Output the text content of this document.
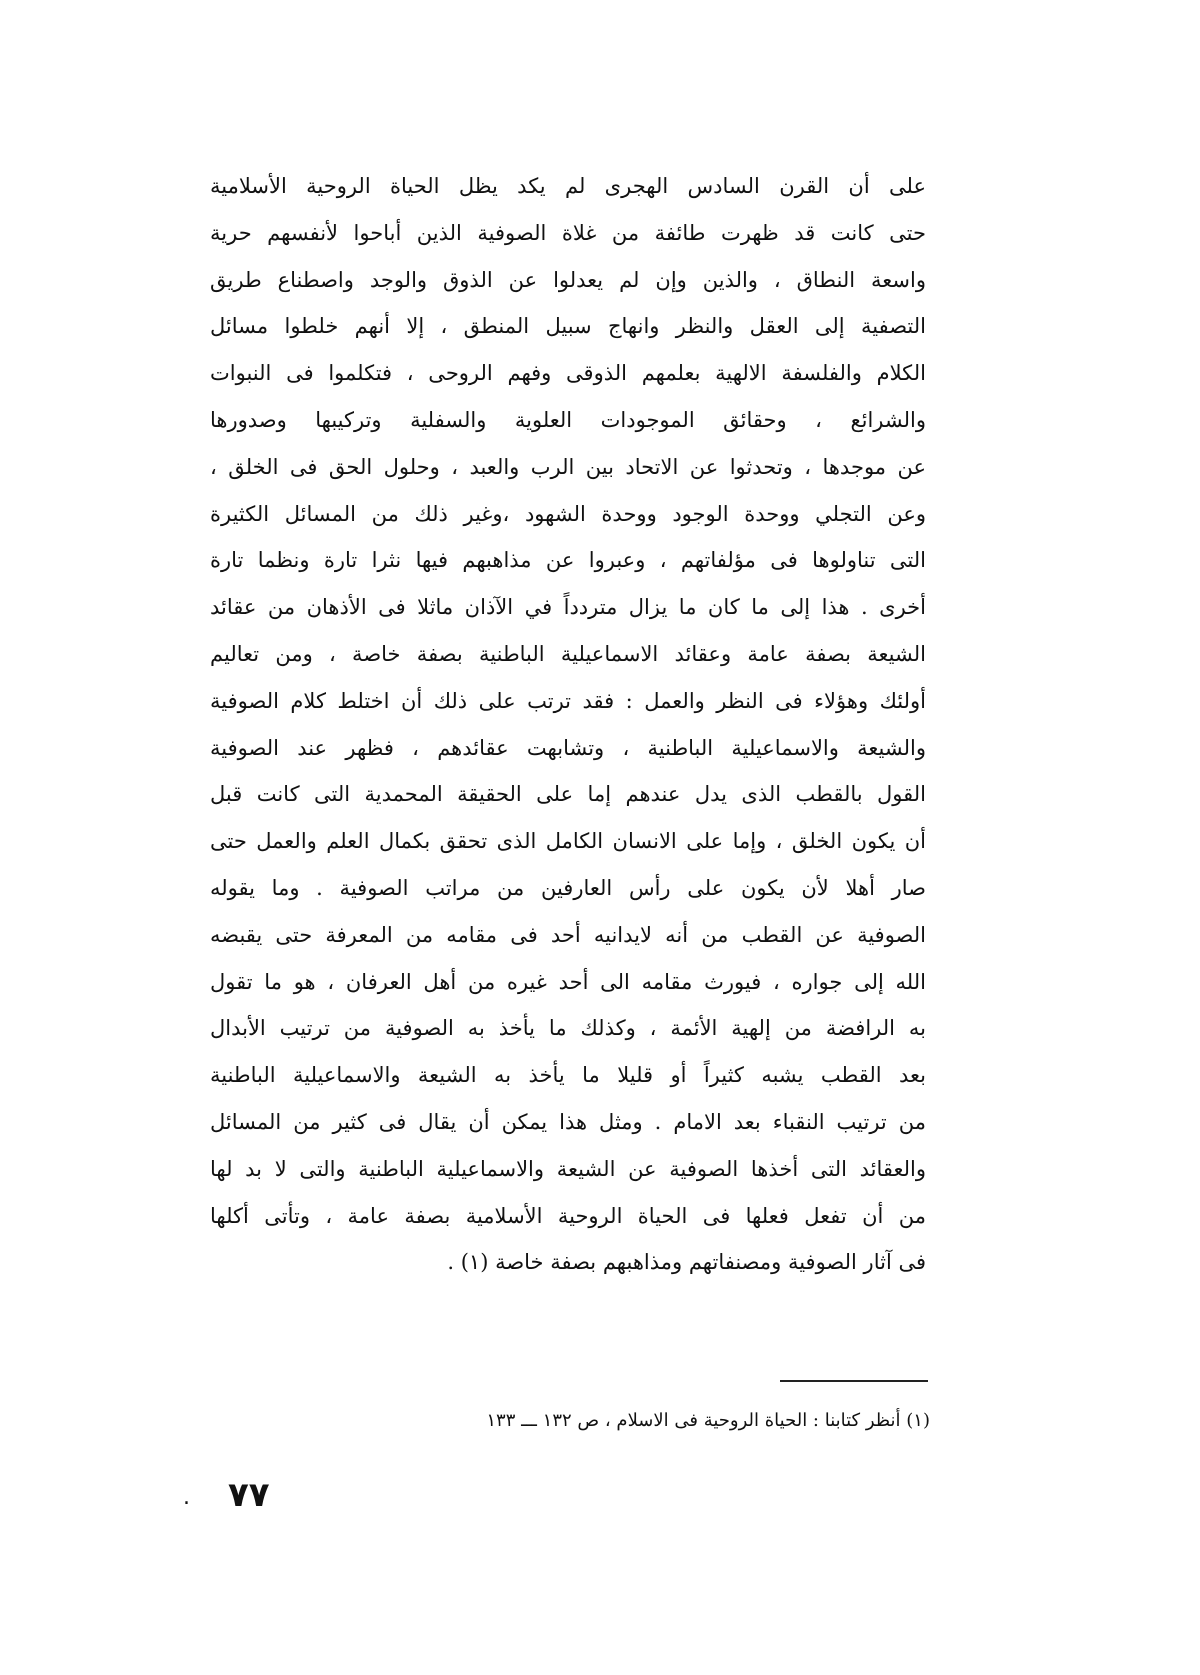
على أن القرن السادس الهجرى لم يكد يظل الحياة الروحية الأسلامية
حتى كانت قد ظهرت طائفة من غلاة الصوفية الذين أباحوا لأنفسهم حرية
واسعة النطاق ، والذين وإن لم يعدلوا عن الذوق والوجد واصطناع طريق
التصفية إلى العقل والنظر وانهاج سبيل المنطق ، إلا أنهم خلطوا مسائل
الكلام والفلسفة الالهية بعلمهم الذوقى وفهم الروحى ، فتكلموا فى النبوات
والشرائع ، وحقائق الموجودات العلوية والسفلية وتركيبها وصدورها
عن موجدها ، وتحدثوا عن الاتحاد بين الرب والعبد ، وحلول الحق فى الخلق ،
وعن التجلي ووحدة الوجود ووحدة الشهود ،وغير ذلك من المسائل الكثيرة
التى تناولوها فى مؤلفاتهم ، وعبروا عن مذاهبهم فيها نثرا تارة ونظما تارة
أخرى . هذا إلى ما كان ما يزال متردداً في الآذان ماثلا فى الأذهان من عقائد
الشيعة بصفة عامة وعقائد الاسماعيلية الباطنية بصفة خاصة ، ومن تعاليم
أولئك وهؤلاء فى النظر والعمل : فقد ترتب على ذلك أن اختلط كلام الصوفية
والشيعة والاسماعيلية الباطنية ، وتشابهت عقائدهم ، فظهر عند الصوفية
القول بالقطب الذى يدل عندهم إما على الحقيقة المحمدية التى كانت قبل
أن يكون الخلق ، وإما على الانسان الكامل الذى تحقق بكمال العلم والعمل حتى
صار أهلا لأن يكون على رأس العارفين من مراتب الصوفية . وما يقوله
الصوفية عن القطب من أنه لايدانيه أحد فى مقامه من المعرفة حتى يقبضه
الله إلى جواره ، فيورث مقامه الى أحد غيره من أهل العرفان ، هو ما تقول
به الرافضة من إلهية الأئمة ، وكذلك ما يأخذ به الصوفية من ترتيب الأبدال
بعد القطب يشبه كثيراً أو قليلا ما يأخذ به الشيعة والاسماعيلية الباطنية
من ترتيب النقباء بعد الامام . ومثل هذا يمكن أن يقال فى كثير من المسائل
والعقائد التى أخذها الصوفية عن الشيعة والاسماعيلية الباطنية والتى لا بد لها
من أن تفعل فعلها فى الحياة الروحية الأسلامية بصفة عامة ، وتأتى أكلها
فى آثار الصوفية ومصنفاتهم ومذاهبهم بصفة خاصة (١) .
(١) أنظر كتابنا : الحياة الروحية فى الاسلام ، ص ١٣٢ ـــ ١٣٣
٧٧
.
